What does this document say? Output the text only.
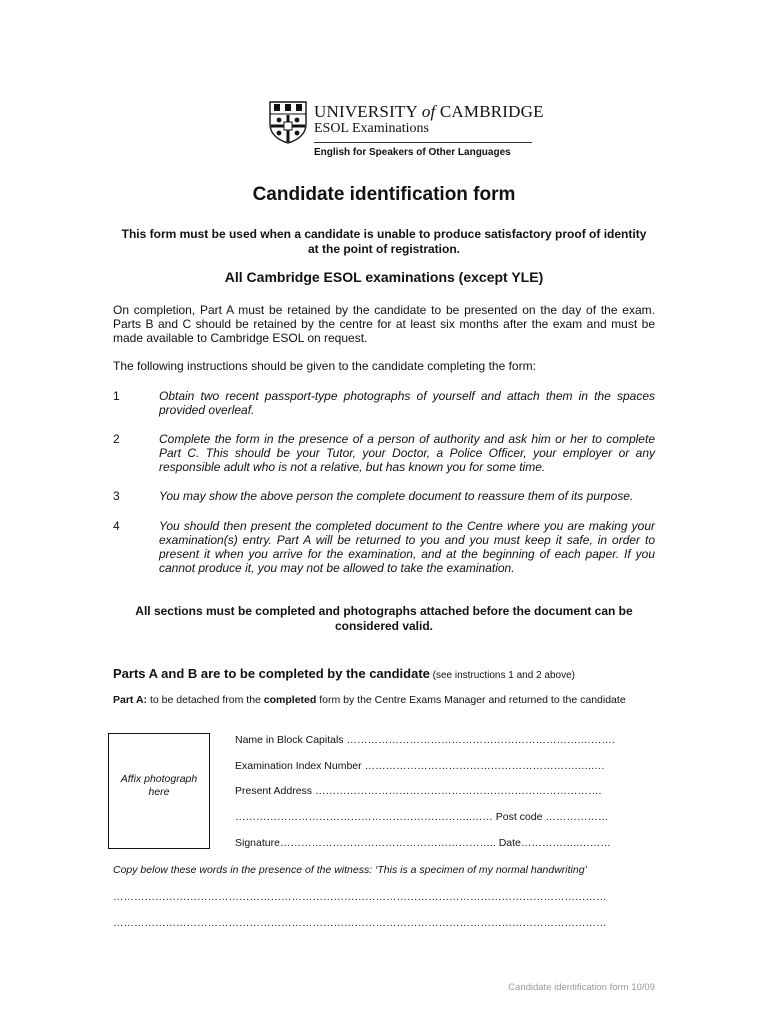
UNIVERSITY of CAMBRIDGE
ESOL Examinations
English for Speakers of Other Languages
Candidate identification form
This form must be used when a candidate is unable to produce satisfactory proof of identity at the point of registration.
All Cambridge ESOL examinations (except YLE)
On completion, Part A must be retained by the candidate to be presented on the day of the exam. Parts B and C should be retained by the centre for at least six months after the exam and must be made available to Cambridge ESOL on request.
The following instructions should be given to the candidate completing the form:
1	Obtain two recent passport-type photographs of yourself and attach them in the spaces provided overleaf.
2	Complete the form in the presence of a person of authority and ask him or her to complete Part C. This should be your Tutor, your Doctor, a Police Officer, your employer or any responsible adult who is not a relative, but has known you for some time.
3	You may show the above person the complete document to reassure them of its purpose.
4	You should then present the completed document to the Centre where you are making your examination(s) entry. Part A will be returned to you and you must keep it safe, in order to present it when you arrive for the examination, and at the beginning of each paper. If you cannot produce it, you may not be allowed to take the examination.
All sections must be completed and photographs attached before the document can be considered valid.
Parts A and B are to be completed by the candidate (see instructions 1 and 2 above)
Part A: to be detached from the completed form by the Centre Exams Manager and returned to the candidate
Affix photograph here
Name in Block Capitals ………………………………………………………….……….
Examination Index Number …………………………………………………….….….
Present Address ……………………………………………………………………….
…………………………………………………………..…… Post code ………………
Signature…………………………………………………….. Date……………..………
Copy below these words in the presence of the witness: ‘This is a specimen of my normal handwriting’
……………………………………………………………………………………………………………………………
……………………………………………………………………………………………………………………………
Candidate identification form 10/09
